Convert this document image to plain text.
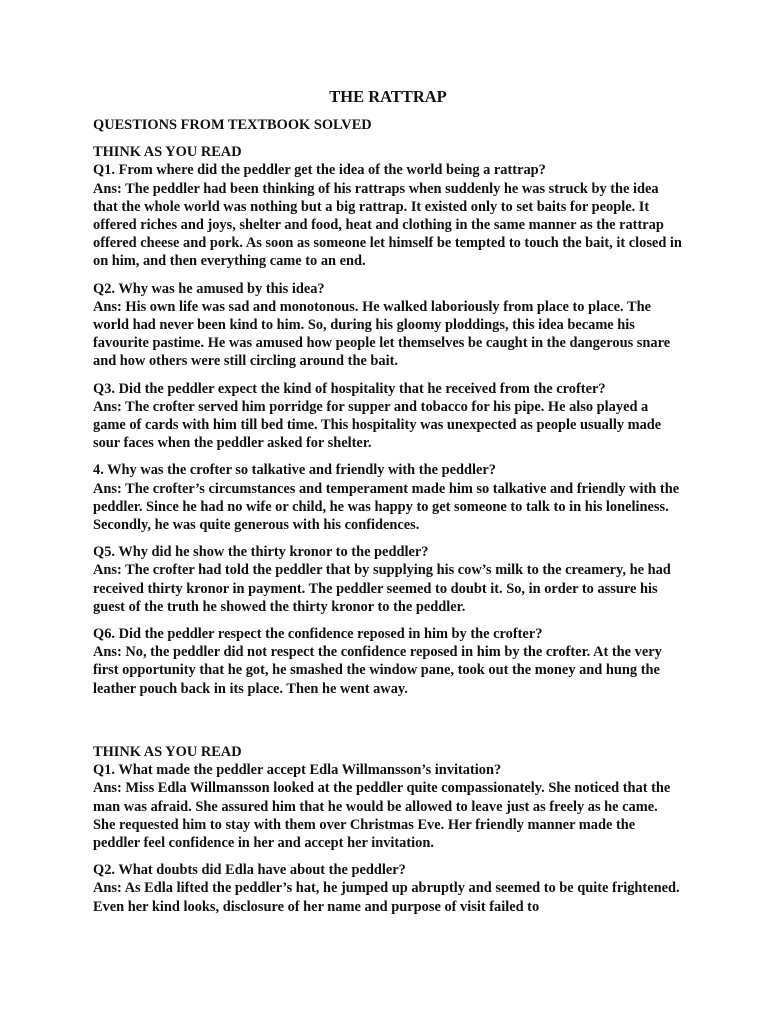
THE RATTRAP
QUESTIONS FROM TEXTBOOK SOLVED
THINK AS YOU READ

Q1. From where did the peddler get the idea of the world being a rattrap?

Ans: The peddler had been thinking of his rattraps when suddenly he was struck by the idea that the whole world was nothing but a big rattrap. It existed only to set baits for people. It offered riches and joys, shelter and food, heat and clothing in the same manner as the rattrap offered cheese and pork. As soon as someone let himself be tempted to touch the bait, it closed in on him, and then everything came to an end.

Q2. Why was he amused by this idea?

Ans: His own life was sad and monotonous. He walked laboriously from place to place. The world had never been kind to him. So, during his gloomy ploddings, this idea became his favourite pastime. He was amused how people let themselves be caught in the dangerous snare and how others were still circling around the bait.

Q3. Did the peddler expect the kind of hospitality that he received from the crofter?

Ans: The crofter served him porridge for supper and tobacco for his pipe. He also played a game of cards with him till bed time. This hospitality was unexpected as people usually made sour faces when the peddler asked for shelter.

4. Why was the crofter so talkative and friendly with the peddler?

Ans: The crofter’s circumstances and temperament made him so talkative and friendly with the peddler. Since he had no wife or child, he was happy to get someone to talk to in his loneliness. Secondly, he was quite generous with his confidences.

Q5. Why did he show the thirty kronor to the peddler?

Ans: The crofter had told the peddler that by supplying his cow’s milk to the creamery, he had received thirty kronor in payment. The peddler seemed to doubt it. So, in order to assure his guest of the truth he showed the thirty kronor to the peddler.

Q6. Did the peddler respect the confidence reposed in him by the crofter?

Ans: No, the peddler did not respect the confidence reposed in him by the crofter. At the very first opportunity that he got, he smashed the window pane, took out the money and hung the leather pouch back in its place. Then he went away.

THINK AS YOU READ

Q1. What made the peddler accept Edla Willmansson’s invitation?

Ans: Miss Edla Willmansson looked at the peddler quite compassionately. She noticed that the man was afraid. She assured him that he would be allowed to leave just as freely as he came. She requested him to stay with them over Christmas Eve. Her friendly manner made the peddler feel confidence in her and accept her invitation.

Q2. What doubts did Edla have about the peddler?

Ans: As Edla lifted the peddler’s hat, he jumped up abruptly and seemed to be quite frightened. Even her kind looks, disclosure of her name and purpose of visit failed to
